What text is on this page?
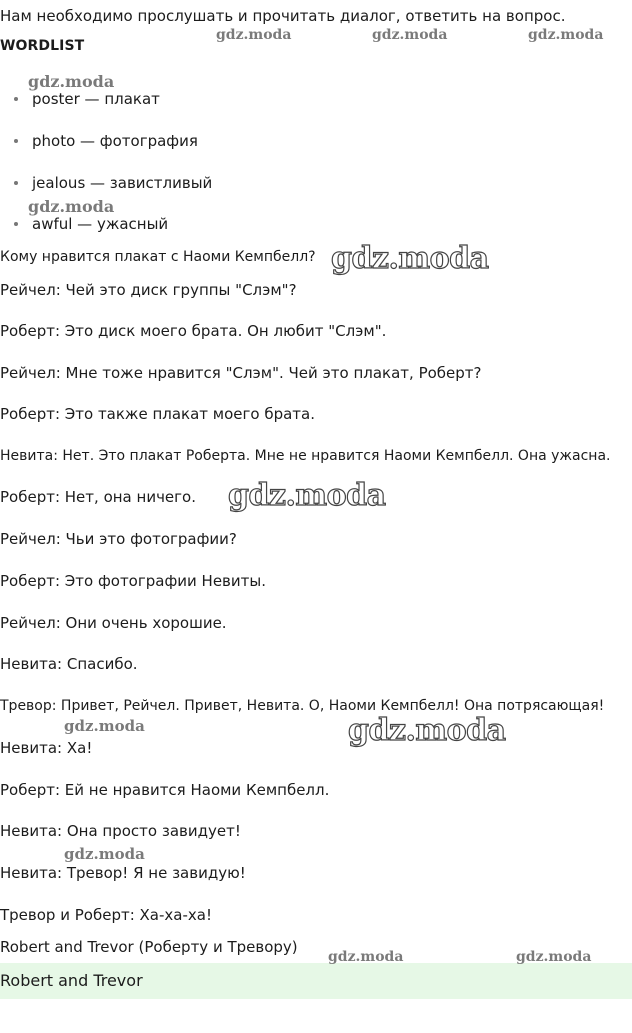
Нам необходимо прослушать и прочитать диалог, ответить на вопрос.
WORDLIST
poster — плакат
photo — фотография
jealous — завистливый
awful — ужасный
Кому нравится плакат с Наоми Кемпбелл?
Рейчел: Чей это диск группы "Слэм"?
Роберт: Это диск моего брата. Он любит "Слэм".
Рейчел: Мне тоже нравится "Слэм". Чей это плакат, Роберт?
Роберт: Это также плакат моего брата.
Невита: Нет. Это плакат Роберта. Мне не нравится Наоми Кемпбелл. Она ужасна.
Роберт: Нет, она ничего.
Рейчел: Чьи это фотографии?
Роберт: Это фотографии Невиты.
Рейчел: Они очень хорошие.
Невита: Спасибо.
Тревор: Привет, Рейчел. Привет, Невита. О, Наоми Кемпбелл! Она потрясающая!
Невита: Ха!
Роберт: Ей не нравится Наоми Кемпбелл.
Невита: Она просто завидует!
Невита: Тревор! Я не завидую!
Тревор и Роберт: Ха-ха-ха!
Robert and Trevor (Роберту и Тревору)
Robert and Trevor
gdz.moda	gdz.moda	gdz.moda
gdz.moda
gdz.moda
gdz.moda
gdz.moda
gdz.moda	gdz.moda
gdz.moda
gdz.moda	gdz.moda
